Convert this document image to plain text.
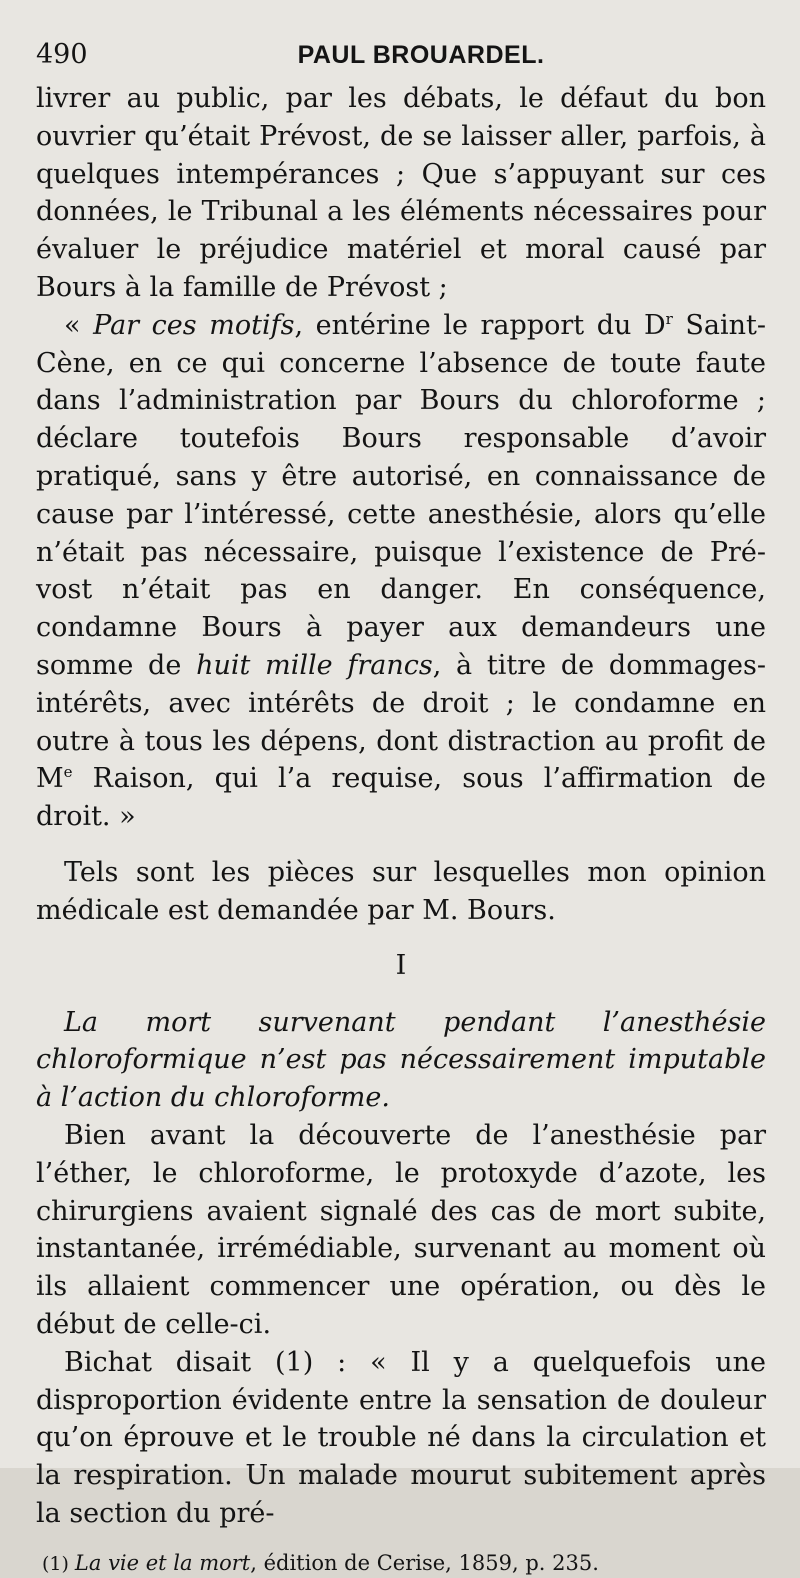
490	PAUL BROUARDEL.

livrer au public, par les débats, le défaut du bon ouvrier qu’était Prévost, de se laisser aller, parfois, à quelques intempérances ; Que s’appuyant sur ces données, le Tribunal a les éléments nécessaires pour évaluer le préjudice matériel et moral causé par Bours à la famille de Prévost ;

« Par ces motifs, entérine le rapport du $D^r$ Saint-Cène, en ce qui concerne l’absence de toute faute dans l’administration par Bours du chloroforme ; déclare toutefois Bours responsable d’avoir pratiqué, sans y être autorisé, en connaissance de cause par l’intéressé, cette anesthésie, alors qu’elle n’était pas nécessaire, puisque l’existence de Prévost n’était pas en danger. En conséquence, condamne Bours à payer aux demandeurs une somme de huit mille francs, à titre de dommages-intérêts, avec intérêts de droit ; le condamne en outre à tous les dépens, dont distraction au profit de Me Raison, qui l’a requise, sous l’affirmation de droit. »

Tels sont les pièces sur lesquelles mon opinion médicale est demandée par M. Bours.

I

La mort survenant pendant l’anesthésie chloroformique n’est pas nécessairement imputable à l’action du chloroforme.

Bien avant la découverte de l’anesthésie par l’éther, le chloroforme, le protoxyde d’azote, les chirurgiens avaient signalé des cas de mort subite, instantanée, irrémédiable, survenant au moment où ils allaient commencer une opération, ou dès le début de celle-ci.

Bichat disait (1) : « Il y a quelquefois une disproportion évidente entre la sensation de douleur qu’on éprouve et le trouble né dans la circulation et la respiration. Un malade mourut subitement après la section du pré-

(1) La vie et la mort, édition de Cerise, 1859, p. 235.
